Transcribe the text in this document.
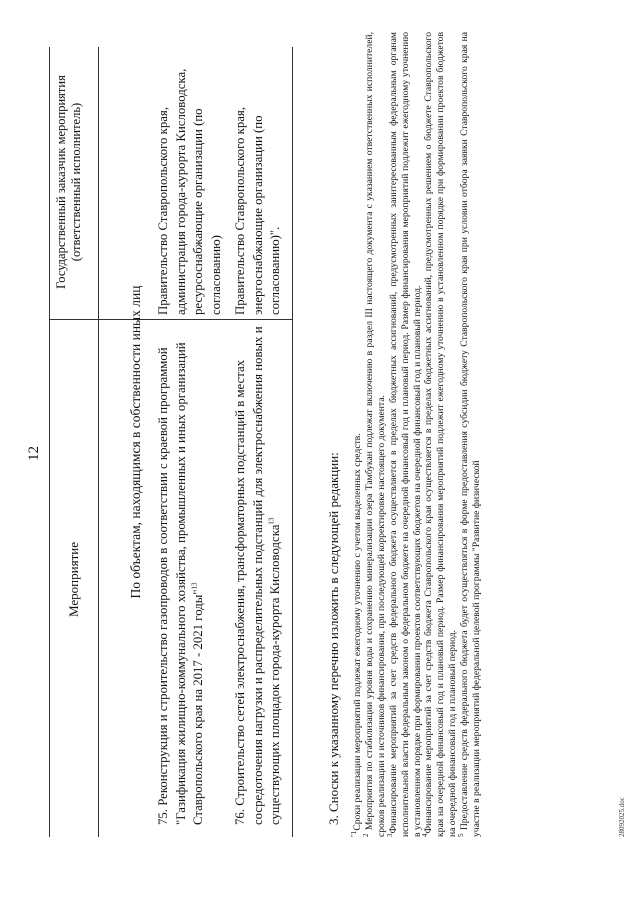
12
Мероприятие
Государственный заказчик мероприятия (ответственный исполнитель)
По объектам, находящимся в собственности иных лиц 75. Реконструкция и строительство газопроводов в соответствии с краевой программой "Газификация жилищно-коммунального хозяйства, промышленных и иных организаций Ставропольского края на 2017 - 2021 годы"$^{13}$
Правительство Ставропольского края, администрация города-курорта Кисловодска, ресурсоснабжающие организации (по согласованию)
76. Строительство сетей электроснабжения, трансформаторных подстанций в местах сосредоточения нагрузки и распределительных подстанций для электроснабжения новых и существующих площадок города-курорта Кисловодска$^{13}$
Правительство Ставропольского края, энергоснабжающие организации (по согласованию)".
3. Сноски к указанному перечню изложить в следующей редакции:

$^{"1}$Сроки реализации мероприятий подлежат ежегодному уточнению с учетом выделенных средств.

$^2$ Мероприятия по стабилизации уровня воды и сохранению минерализации озера Тамбукан подлежат включению в раздел III настоящего документа с указанием ответственных исполнителей, сроков реализации и источников финансирования, при последующей корректировке настоящего документа.

$^3$Финансирование мероприятий за счет средств федерального бюджета осуществляется в пределах бюджетных ассигнований, предусмотренных заинтересованным федеральным органам исполнительной власти федеральным законом о федеральном бюджете на очередной финансовый год и плановый период. Размер финансирования мероприятий подлежит ежегодному уточнению в установленном порядке при формировании проектов соответствующих бюджетов на очередной финансовый год и плановый период.

$^4$Финансирование мероприятий за счет средств бюджета Ставропольского края осуществляется в пределах бюджетных ассигнований, предусмотренных решением о бюджете Ставропольского края на очередной финансовый год и плановый период. Размер финансирования мероприятий подлежит ежегодному уточнению в установленном порядке при формировании проектов бюджетов на очередной финансовый год и плановый период.

$^5$ Предоставление средств федерального бюджета будет осуществляться в форме предоставления субсидии бюджету Ставропольского края при условии отбора заявки Ставропольского края на участие в реализации мероприятий федеральной целевой программы "Развитие физической	28092025.doc
